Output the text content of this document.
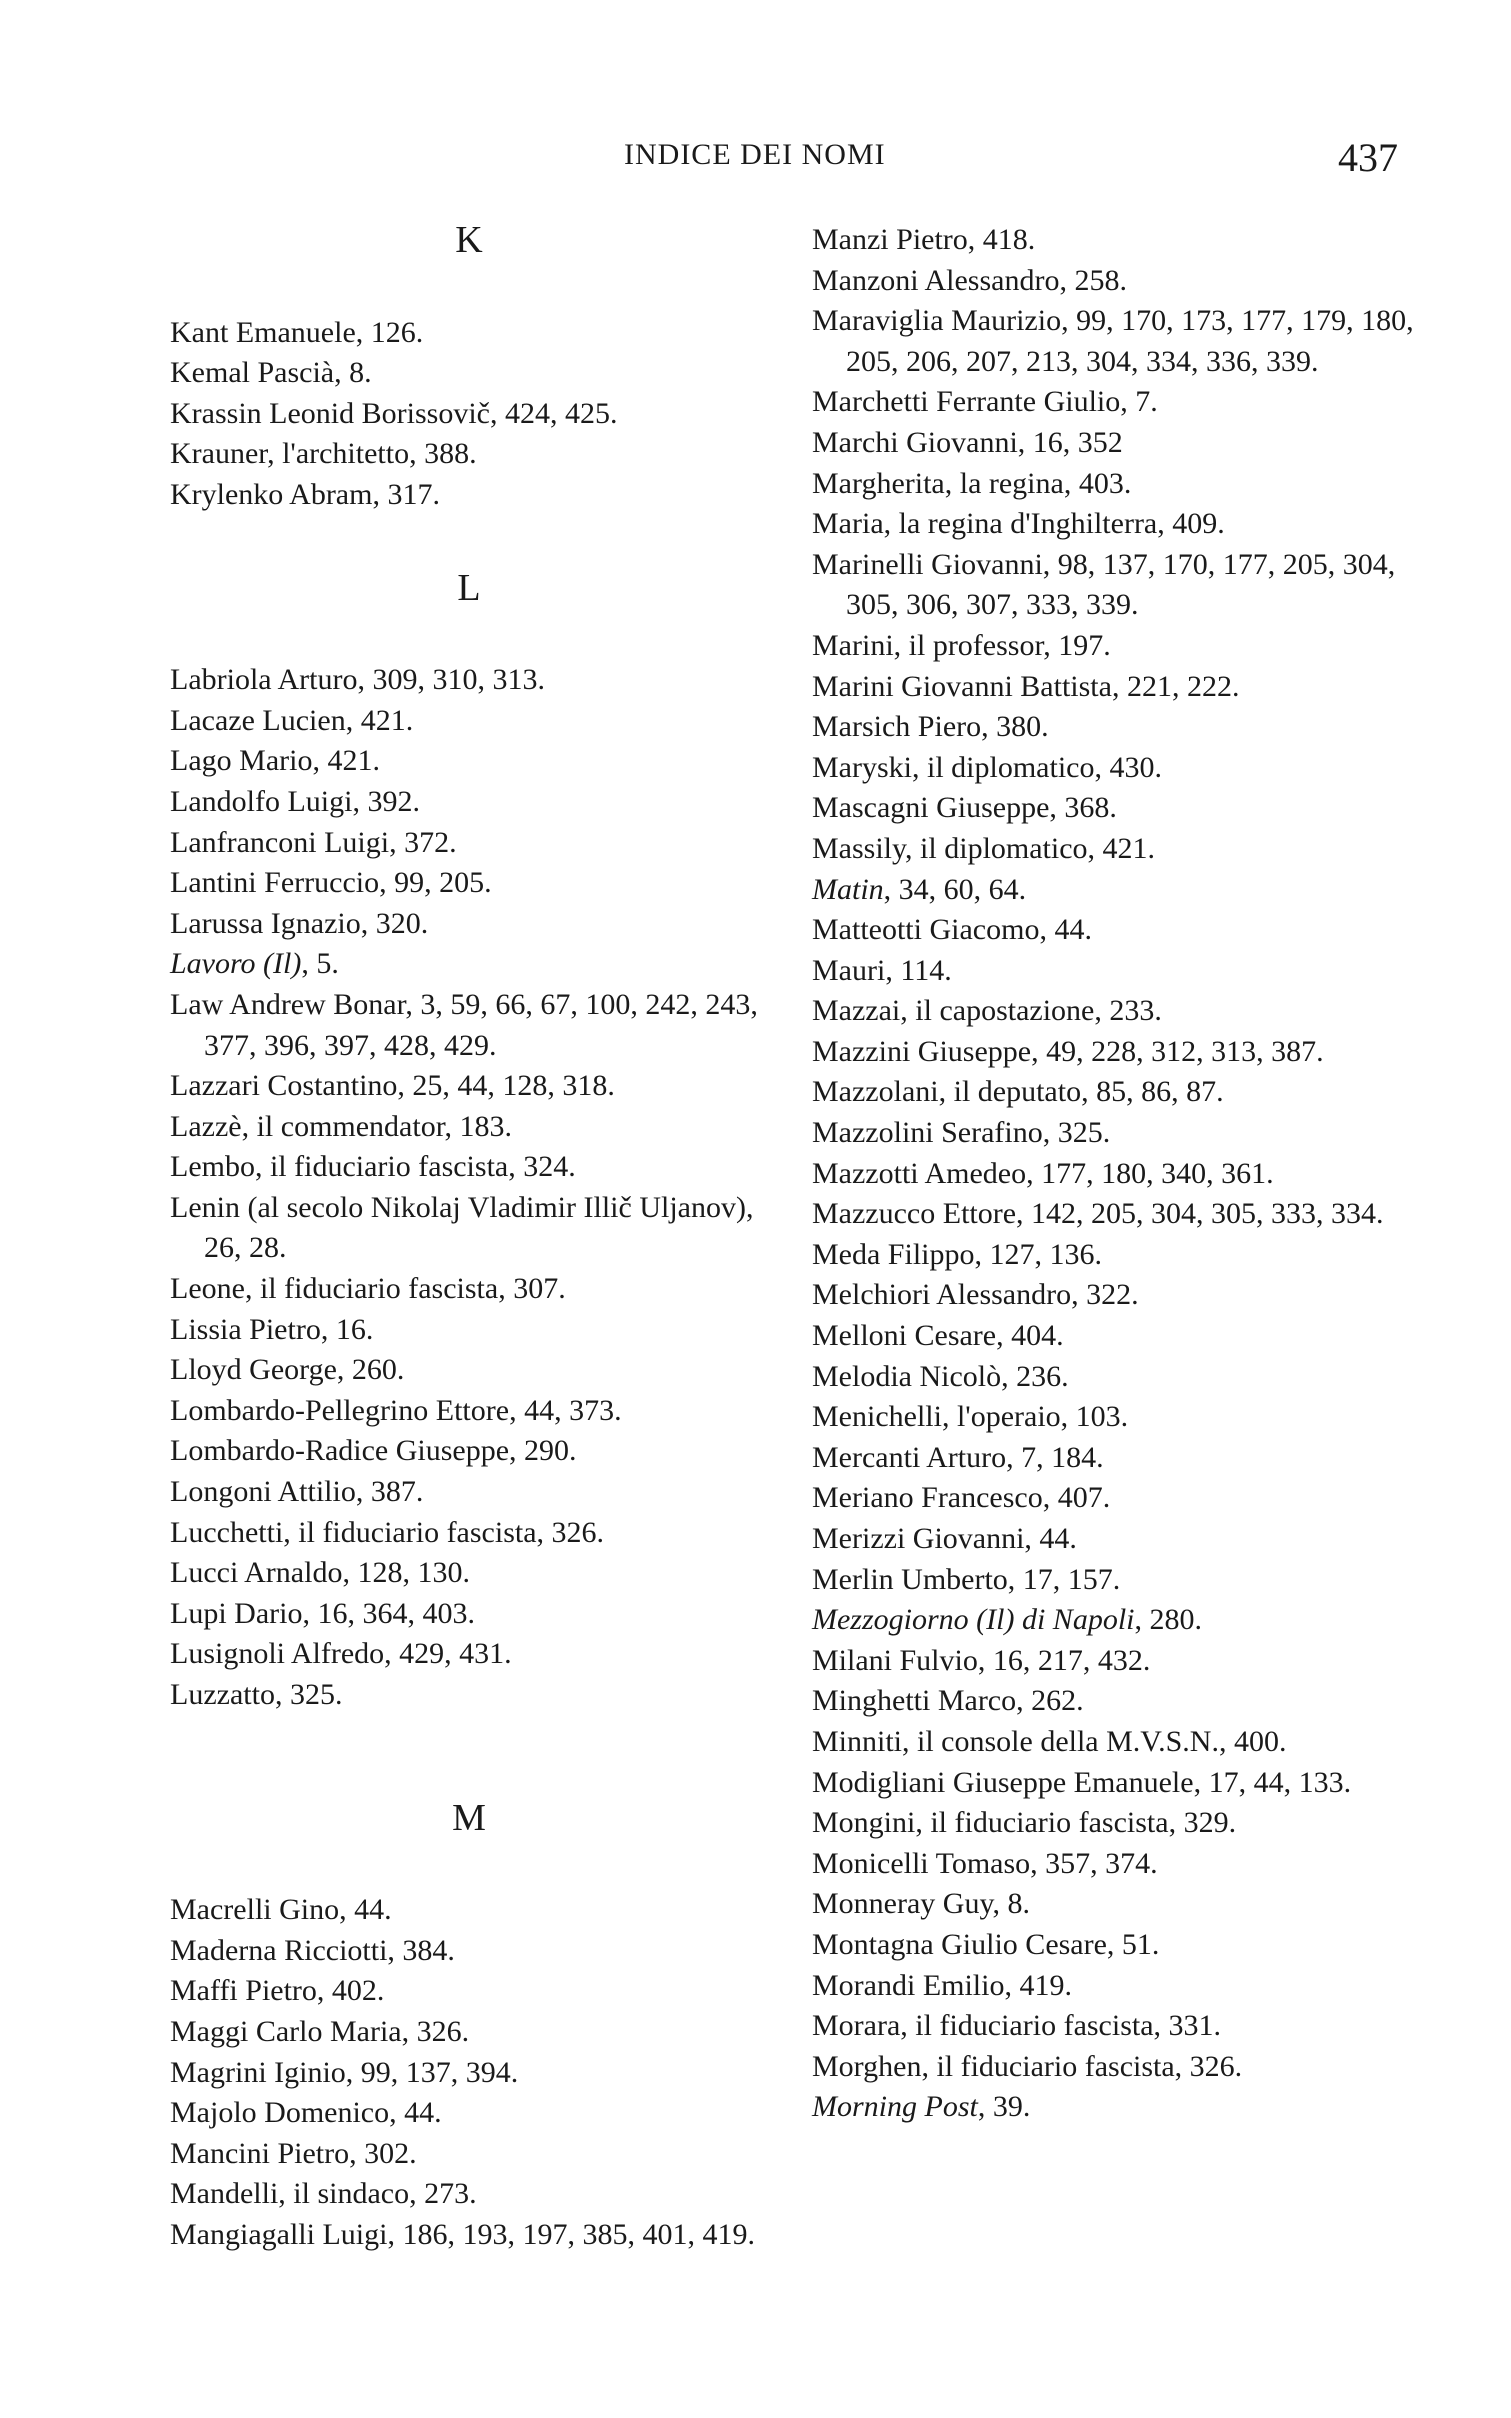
INDICE DEI NOMI	437
K
Kant Emanuele, 126.
Kemal Pascià, 8.
Krassin Leonid Borissovič, 424, 425.
Krauner, l'architetto, 388.
Krylenko Abram, 317.
L
Labriola Arturo, 309, 310, 313.
Lacaze Lucien, 421.
Lago Mario, 421.
Landolfo Luigi, 392.
Lanfranconi Luigi, 372.
Lantini Ferruccio, 99, 205.
Larussa Ignazio, 320.
Lavoro (Il), 5.
Law Andrew Bonar, 3, 59, 66, 67, 100, 242, 243, 377, 396, 397, 428, 429.
Lazzari Costantino, 25, 44, 128, 318.
Lazzè, il commendator, 183.
Lembo, il fiduciario fascista, 324.
Lenin (al secolo Nikolaj Vladimir Illič Uljanov), 26, 28.
Leone, il fiduciario fascista, 307.
Lissia Pietro, 16.
Lloyd George, 260.
Lombardo-Pellegrino Ettore, 44, 373.
Lombardo-Radice Giuseppe, 290.
Longoni Attilio, 387.
Lucchetti, il fiduciario fascista, 326.
Lucci Arnaldo, 128, 130.
Lupi Dario, 16, 364, 403.
Lusignoli Alfredo, 429, 431.
Luzzatto, 325.
M
Macrelli Gino, 44.
Maderna Ricciotti, 384.
Maffi Pietro, 402.
Maggi Carlo Maria, 326.
Magrini Iginio, 99, 137, 394.
Majolo Domenico, 44.
Mancini Pietro, 302.
Mandelli, il sindaco, 273.
Mangiagalli Luigi, 186, 193, 197, 385, 401, 419.
Manzi Pietro, 418.
Manzoni Alessandro, 258.
Maraviglia Maurizio, 99, 170, 173, 177, 179, 180, 205, 206, 207, 213, 304, 334, 336, 339.
Marchetti Ferrante Giulio, 7.
Marchi Giovanni, 16, 352
Margherita, la regina, 403.
Maria, la regina d'Inghilterra, 409.
Marinelli Giovanni, 98, 137, 170, 177, 205, 304, 305, 306, 307, 333, 339.
Marini, il professor, 197.
Marini Giovanni Battista, 221, 222.
Marsich Piero, 380.
Maryski, il diplomatico, 430.
Mascagni Giuseppe, 368.
Massily, il diplomatico, 421.
Matin, 34, 60, 64.
Matteotti Giacomo, 44.
Mauri, 114.
Mazzai, il capostazione, 233.
Mazzini Giuseppe, 49, 228, 312, 313, 387.
Mazzolani, il deputato, 85, 86, 87.
Mazzolini Serafino, 325.
Mazzotti Amedeo, 177, 180, 340, 361.
Mazzucco Ettore, 142, 205, 304, 305, 333, 334.
Meda Filippo, 127, 136.
Melchiori Alessandro, 322.
Melloni Cesare, 404.
Melodia Nicolò, 236.
Menichelli, l'operaio, 103.
Mercanti Arturo, 7, 184.
Meriano Francesco, 407.
Merizzi Giovanni, 44.
Merlin Umberto, 17, 157.
Mezzogiorno (Il) di Napoli, 280.
Milani Fulvio, 16, 217, 432.
Minghetti Marco, 262.
Minniti, il console della M.V.S.N., 400.
Modigliani Giuseppe Emanuele, 17, 44, 133.
Mongini, il fiduciario fascista, 329.
Monicelli Tomaso, 357, 374.
Monneray Guy, 8.
Montagna Giulio Cesare, 51.
Morandi Emilio, 419.
Morara, il fiduciario fascista, 331.
Morghen, il fiduciario fascista, 326.
Morning Post, 39.
